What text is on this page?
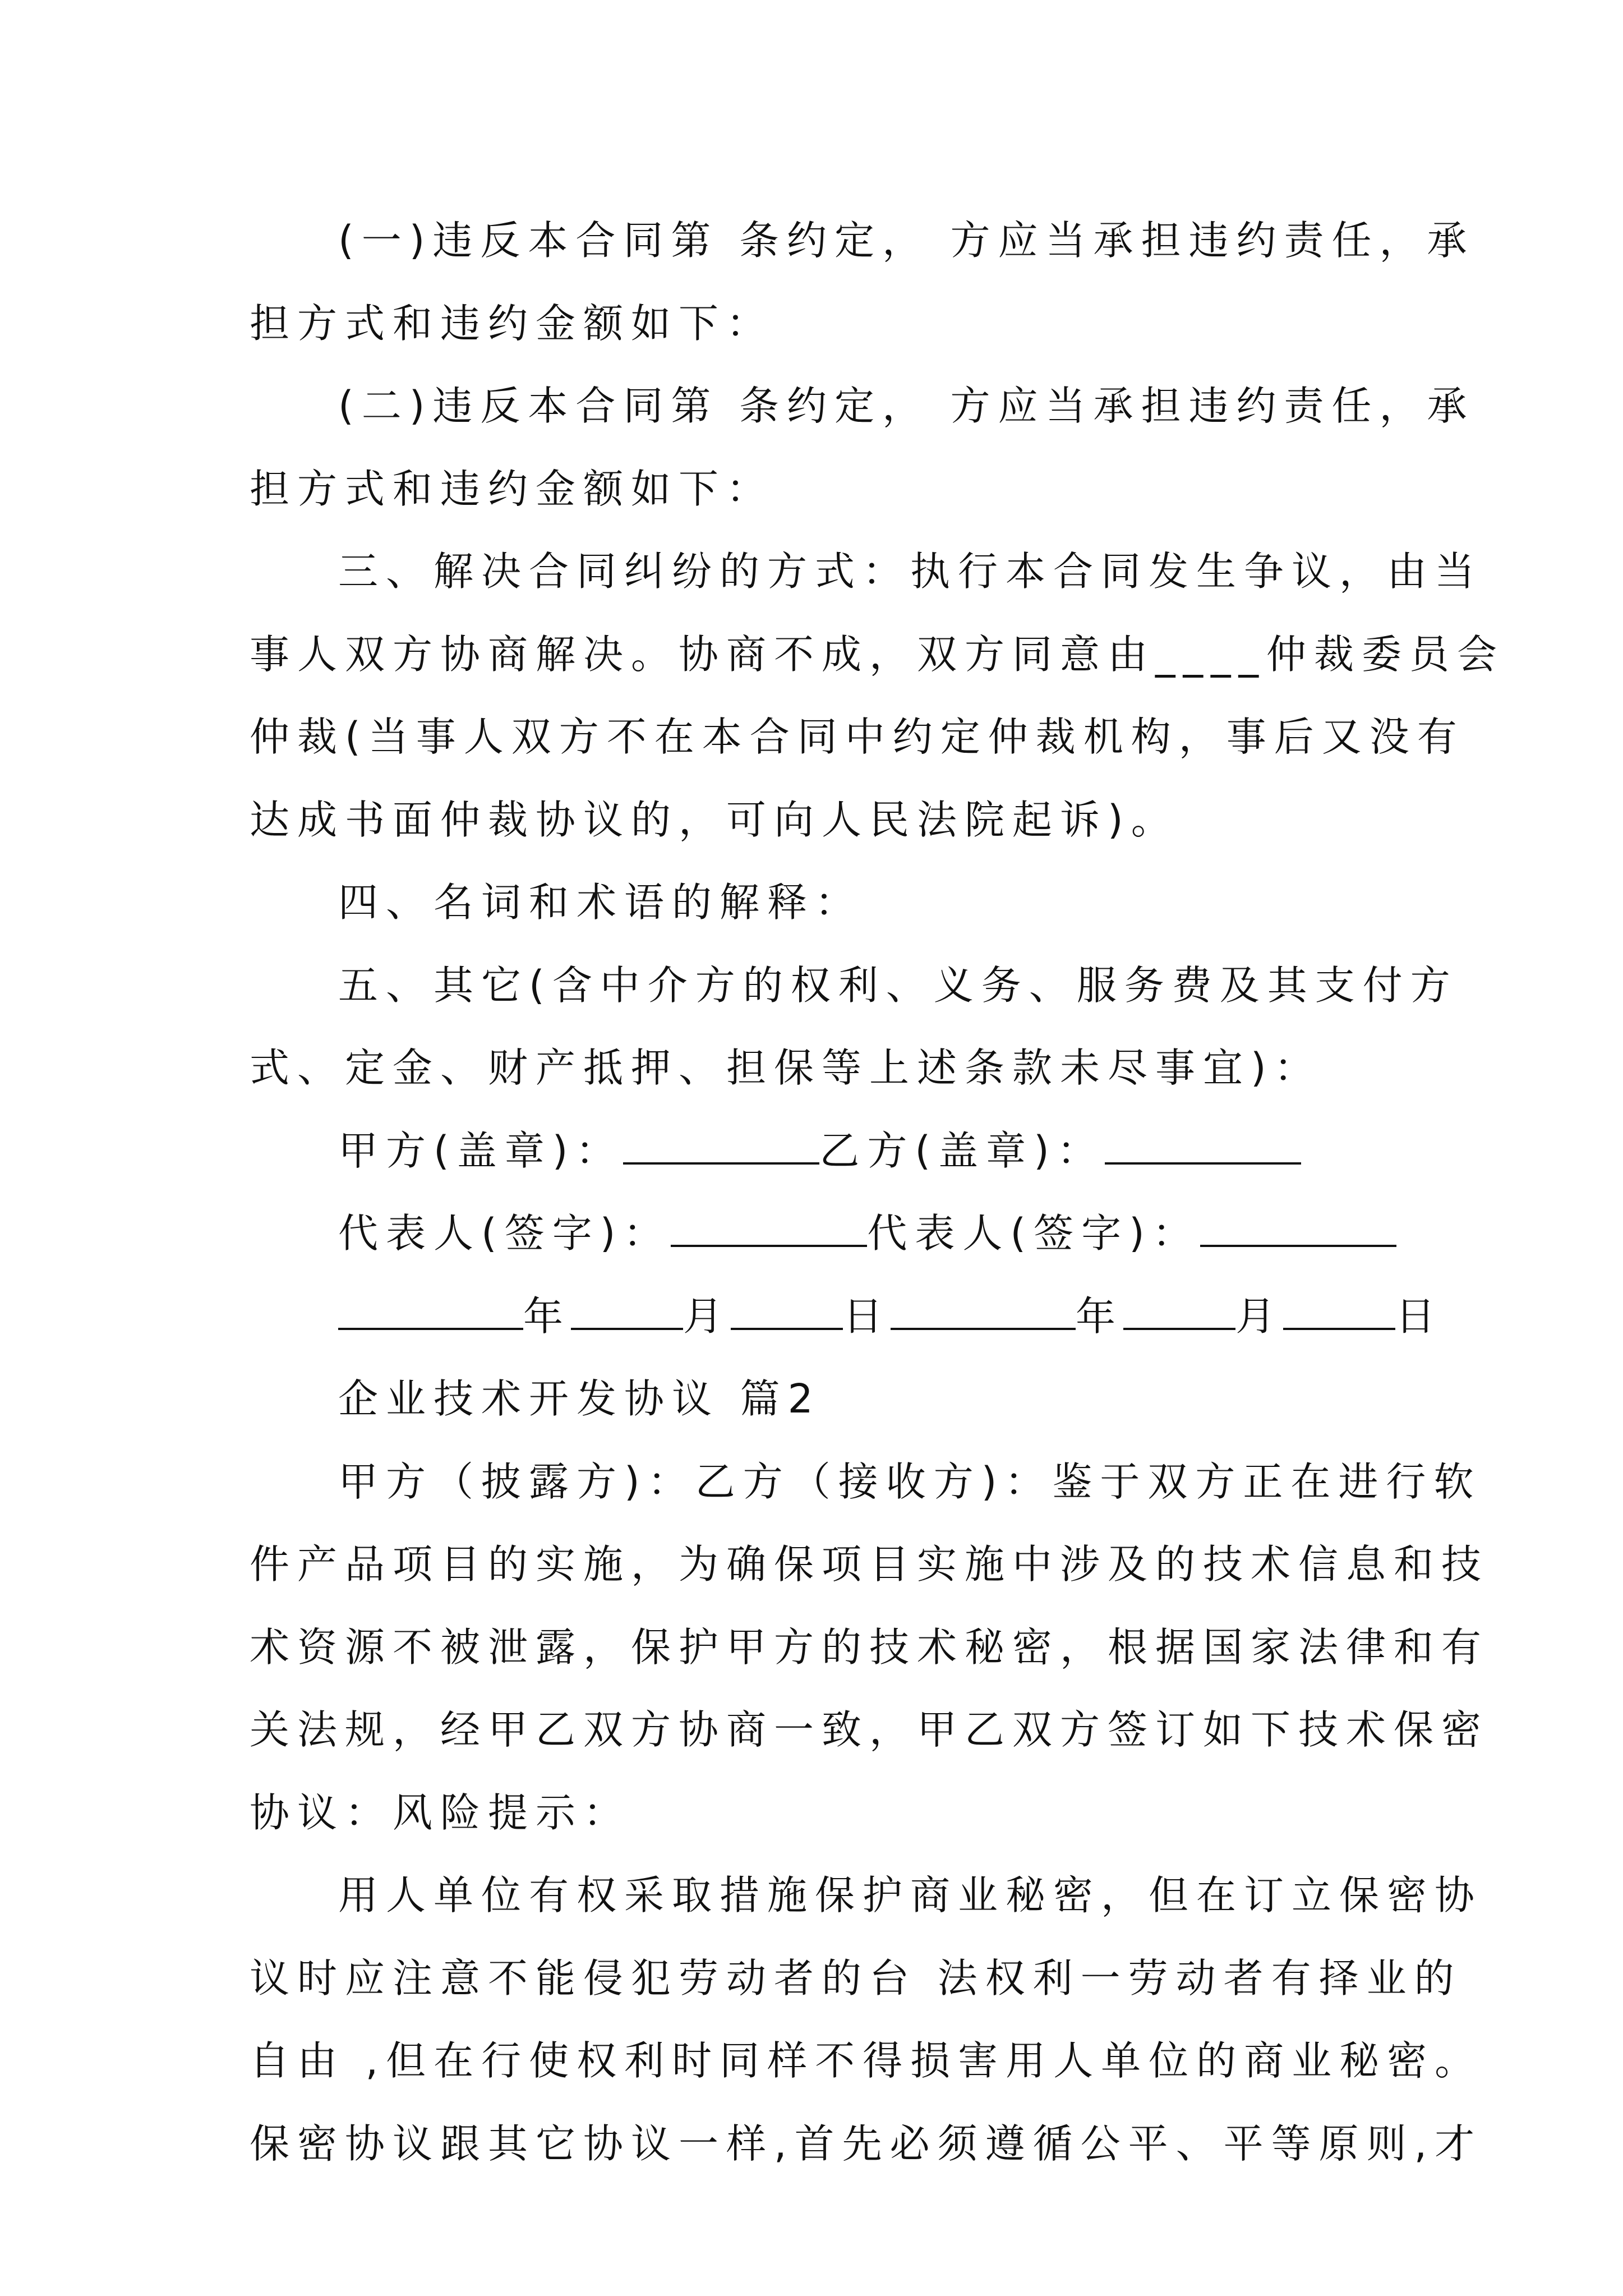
(一)违反本合同第 条约定， 方应当承担违约责任，承
担方式和违约金额如下：
(二)违反本合同第 条约定， 方应当承担违约责任，承
担方式和违约金额如下：
三、解决合同纠纷的方式：执行本合同发生争议，由当
事人双方协商解决。协商不成，双方同意由____仲裁委员会
仲裁(当事人双方不在本合同中约定仲裁机构，事后又没有
达成书面仲裁协议的，可向人民法院起诉)。
四、名词和术语的解释：
五、其它(含中介方的权利、义务、服务费及其支付方
式、定金、财产抵押、担保等上述条款未尽事宜)：
甲方(盖章)：	乙方(盖章)：
代表人(签字)：	代表人(签字)：
年	月	日	年	月	日
企业技术开发协议 篇2
甲方（披露方)：乙方（接收方)：鉴于双方正在进行软
件产品项目的实施，为确保项目实施中涉及的技术信息和技
术资源不被泄露，保护甲方的技术秘密，根据国家法律和有
关法规，经甲乙双方协商一致，甲乙双方签订如下技术保密
协议：风险提示：
用人单位有权采取措施保护商业秘密，但在订立保密协
议时应注意不能侵犯劳动者的台 法权利一劳动者有择业的
自由 ,但在行使权利时同样不得损害用人单位的商业秘密。
保密协议跟其它协议一样,首先必须遵循公平、平等原则,才
